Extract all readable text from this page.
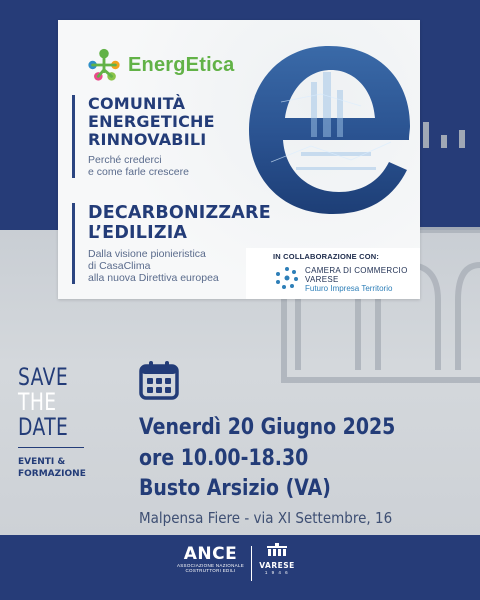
EnergEtica
COMUNITÀ
ENERGETICHE
RINNOVABILI
Perché crederci
e come farle crescere
DECARBONIZZARE
L’EDILIZIA
Dalla visione pionieristica
di CasaClima
alla nuova Direttiva europea
IN COLLABORAZIONE CON:
CAMERA DI COMMERCIO
VARESE
Futuro Impresa Territorio
SAVE
THE
DATE
EVENTI &
FORMAZIONE
Venerdì 20 Giugno 2025
ore 10.00-18.30
Busto Arsizio (VA)
Malpensa Fiere - via XI Settembre, 16
ANCE
ASSOCIAZIONE NAZIONALE
COSTRUTTORI EDILI
VARESE
1 9 4 6
